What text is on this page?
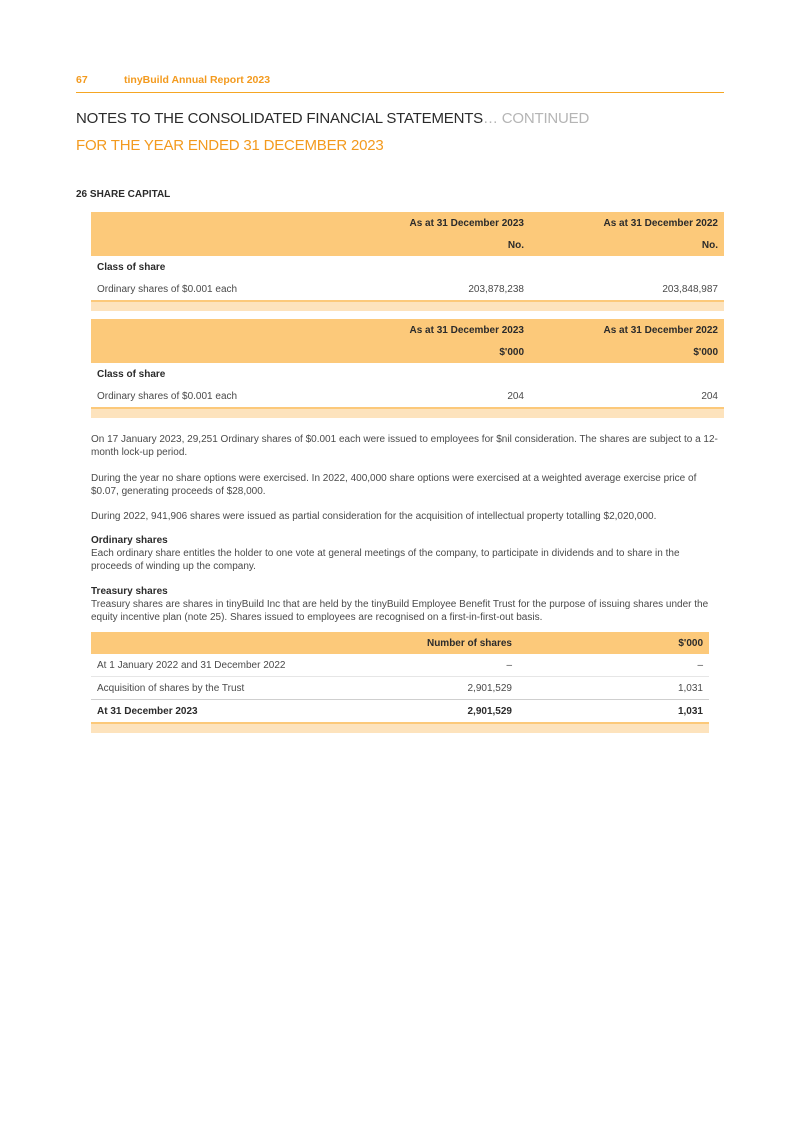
67	tinyBuild Annual Report 2023
NOTES TO THE CONSOLIDATED FINANCIAL STATEMENTS… CONTINUED
FOR THE YEAR ENDED 31 DECEMBER 2023
26 SHARE CAPITAL
	As at 31 December 2023	As at 31 December 2022
	No.	No.
Class of share		
Ordinary shares of $0.001 each	203,878,238	203,848,987

	As at 31 December 2023	As at 31 December 2022
	$'000	$'000
Class of share		
Ordinary shares of $0.001 each	204	204

On 17 January 2023, 29,251 Ordinary shares of $0.001 each were issued to employees for $nil consideration. The shares are subject to a 12-month lock-up period.
During the year no share options were exercised. In 2022, 400,000 share options were exercised at a weighted average exercise price of $0.07, generating proceeds of $28,000.
During 2022, 941,906 shares were issued as partial consideration for the acquisition of intellectual property totalling $2,020,000.
Ordinary shares
Each ordinary share entitles the holder to one vote at general meetings of the company, to participate in dividends and to share in the proceeds of winding up the company.
Treasury shares
Treasury shares are shares in tinyBuild Inc that are held by the tinyBuild Employee Benefit Trust for the purpose of issuing shares under the equity incentive plan (note 25). Shares issued to employees are recognised on a first-in-first-out basis.
	Number of shares	$'000
At 1 January 2022 and 31 December 2022	–	–
Acquisition of shares by the Trust	2,901,529	1,031
At 31 December 2023	2,901,529	1,031
